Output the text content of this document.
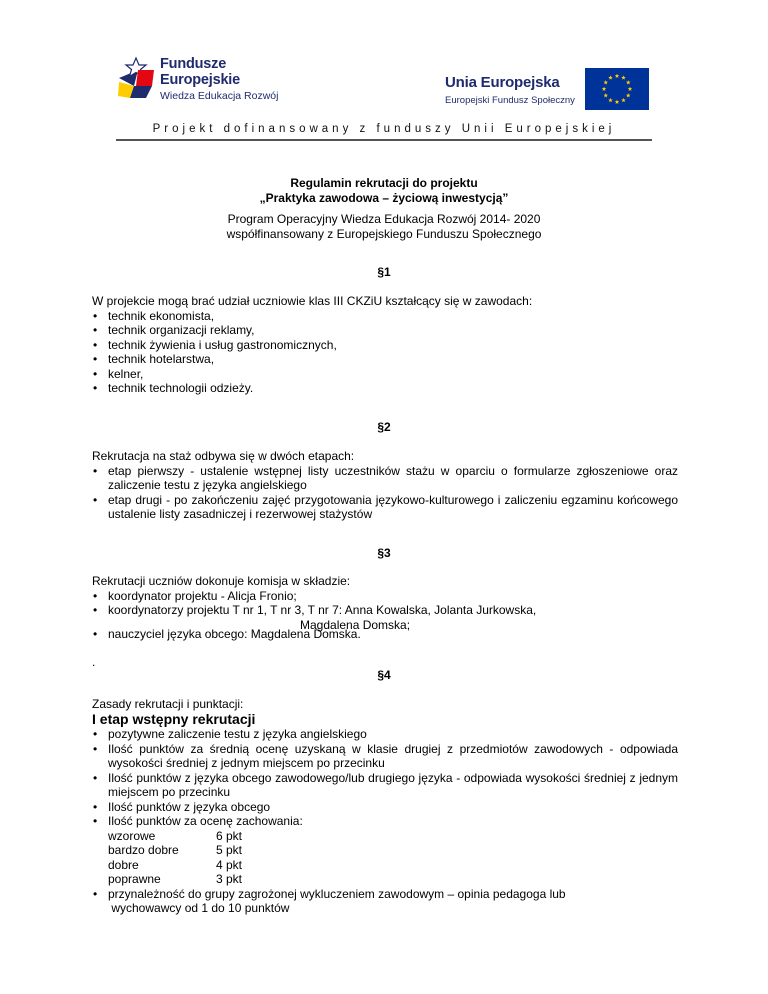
Fundusze
Europejskie
Wiedza Edukacja Rozwój
Unia Europejska
Europejski Fundusz Społeczny
Projekt dofinansowany z funduszy Unii Europejskiej
Regulamin rekrutacji do projektu
„Praktyka zawodowa – życiową inwestycją”
Program Operacyjny Wiedza Edukacja Rozwój 2014- 2020
współfinansowany z Europejskiego Funduszu Społecznego
§1
W projekcie mogą brać udział uczniowie klas III CKZiU kształcący się w zawodach:
• technik ekonomista,
• technik organizacji reklamy,
• technik żywienia i usług gastronomicznych,
• technik hotelarstwa,
• kelner,
• technik technologii odzieży.
§2
Rekrutacja na staż odbywa się w dwóch etapach:
• etap pierwszy - ustalenie wstępnej listy uczestników stażu w oparciu o formularze zgłoszeniowe oraz zaliczenie testu z języka angielskiego
• etap drugi - po zakończeniu zajęć przygotowania językowo-kulturowego i zaliczeniu egzaminu końcowego ustalenie listy zasadniczej i rezerwowej stażystów
§3
Rekrutacji uczniów dokonuje komisja w składzie:
• koordynator projektu - Alicja Fronio;
• koordynatorzy projektu T nr 1, T nr 3, T nr 7: Anna Kowalska, Jolanta Jurkowska,
Magdalena Domska;
• nauczyciel języka obcego: Magdalena Domska.
.
§4
Zasady rekrutacji i punktacji:
I etap wstępny rekrutacji
• pozytywne zaliczenie testu z języka angielskiego
• Ilość punktów za średnią ocenę uzyskaną w klasie drugiej z przedmiotów zawodowych - odpowiada wysokości średniej z jednym miejscem po przecinku
• Ilość punktów z języka obcego zawodowego/lub drugiego języka - odpowiada wysokości średniej z jednym miejscem po przecinku
• Ilość punktów z języka obcego
• Ilość punktów za ocenę zachowania:
wzorowe	6 pkt
bardzo dobre	5 pkt
dobre	4 pkt
poprawne	3 pkt
• przynależność do grupy zagrożonej wykluczeniem zawodowym – opinia pedagoga lub
wychowawcy od 1 do 10 punktów
